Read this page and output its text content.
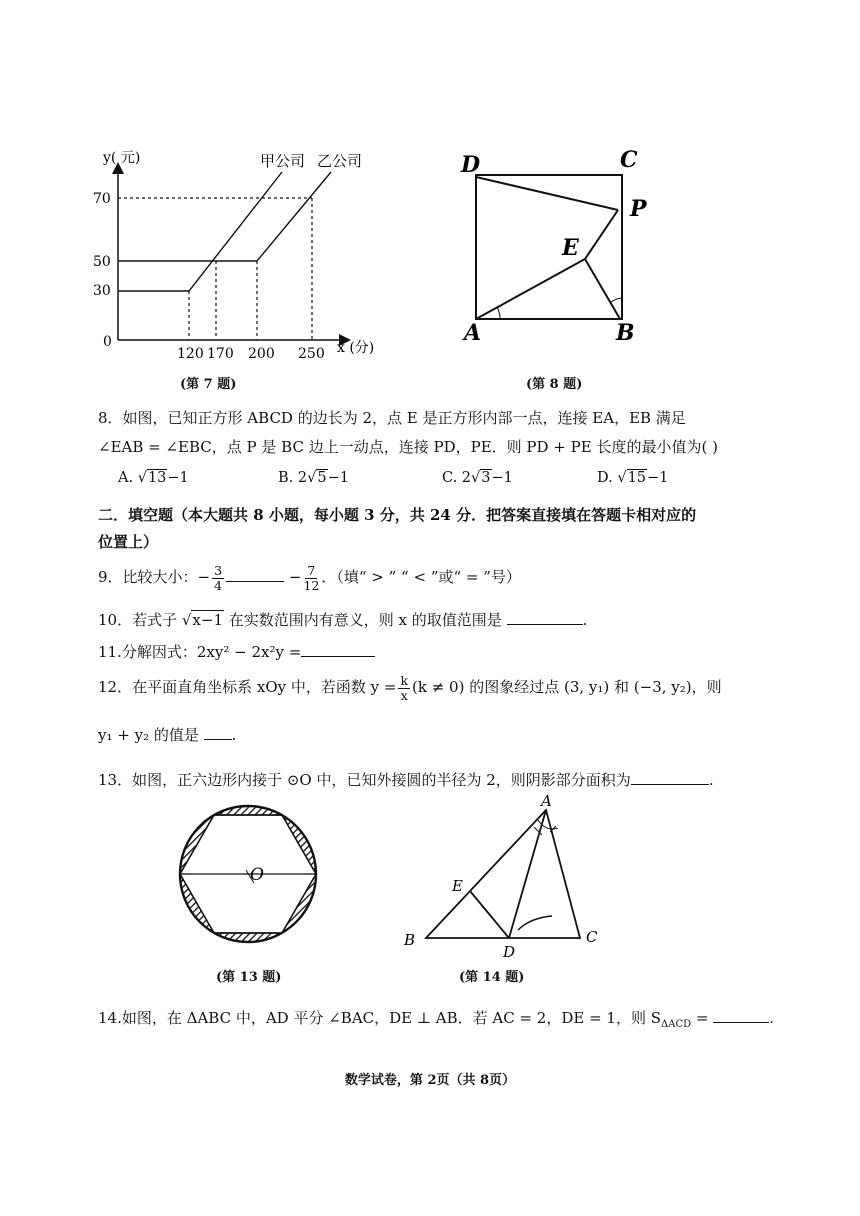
y( 元)	甲公司 乙公司
70
50
30
0
120 170 200 250 x (分)
(第 7 题)
D	C
P
E
A	B
(第 8 题)
8．如图，已知正方形 ABCD 的边长为 2，点 E 是正方形内部一点，连接 EA，EB 满足
∠EAB = ∠EBC，点 P 是 BC 边上一动点，连接 PD，PE．则 PD + PE 长度的最小值为( )
A. √13−1	B. 2√5−1	C. 2√3−1	D. √15−1
二．填空题（本大题共 8 小题，每小题 3 分，共 24 分．把答案直接填在答题卡相对应的
位置上）
9．比较大小：− $\frac{3}{4}$	− $\frac{7}{12}$ ．（填“ > ” “ < ”或“ = ”号）
10．若式子 √x−1 在实数范围内有意义，则 x 的取值范围是	.
11.分解因式：2xy² − 2x²y =
12．在平面直角坐标系 xOy 中，若函数 $y = \frac{k}{x} (k \ne 0)$ 的图象经过点 (3, y₁) 和 (−3, y₂)，则
y₁ + y₂ 的值是 .
13．如图，正六边形内接于 ⊙O 中，已知外接圆的半径为 2，则阴影部分面积为	.
O
(第 13 题)
A
E
B
D
C
(第 14 题)
14.如图，在 ΔABC 中，AD 平分 ∠BAC，DE ⊥ AB．若 AC = 2，DE = 1，则 $S_{\Delta ACD}$ =	.
数学试卷，第 2页（共 8页）
